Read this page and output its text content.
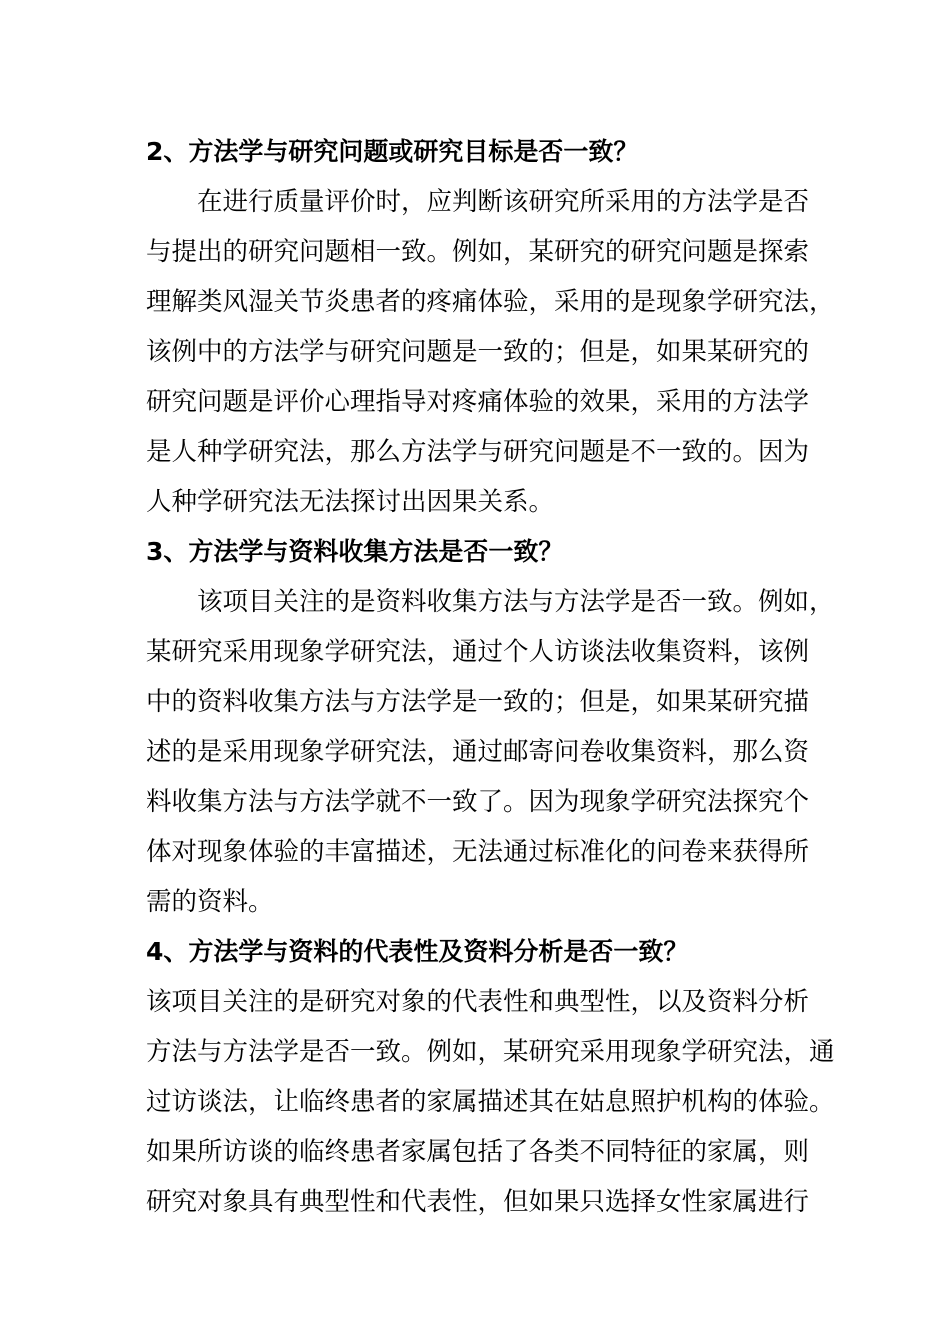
2、方法学与研究问题或研究目标是否一致？

在进行质量评价时，应判断该研究所采用的方法学是否
与提出的研究问题相一致。例如，某研究的研究问题是探索
理解类风湿关节炎患者的疼痛体验，采用的是现象学研究法，
该例中的方法学与研究问题是一致的；但是，如果某研究的
研究问题是评价心理指导对疼痛体验的效果，采用的方法学
是人种学研究法，那么方法学与研究问题是不一致的。因为
人种学研究法无法探讨出因果关系。

3、方法学与资料收集方法是否一致？

该项目关注的是资料收集方法与方法学是否一致。例如，
某研究采用现象学研究法，通过个人访谈法收集资料，该例
中的资料收集方法与方法学是一致的；但是，如果某研究描
述的是采用现象学研究法，通过邮寄问卷收集资料，那么资
料收集方法与方法学就不一致了。因为现象学研究法探究个
体对现象体验的丰富描述，无法通过标准化的问卷来获得所
需的资料。

4、方法学与资料的代表性及资料分析是否一致？

该项目关注的是研究对象的代表性和典型性，以及资料分析
方法与方法学是否一致。例如，某研究采用现象学研究法，通
过访谈法，让临终患者的家属描述其在姑息照护机构的体验。
如果所访谈的临终患者家属包括了各类不同特征的家属，则
研究对象具有典型性和代表性，但如果只选择女性家属进行
